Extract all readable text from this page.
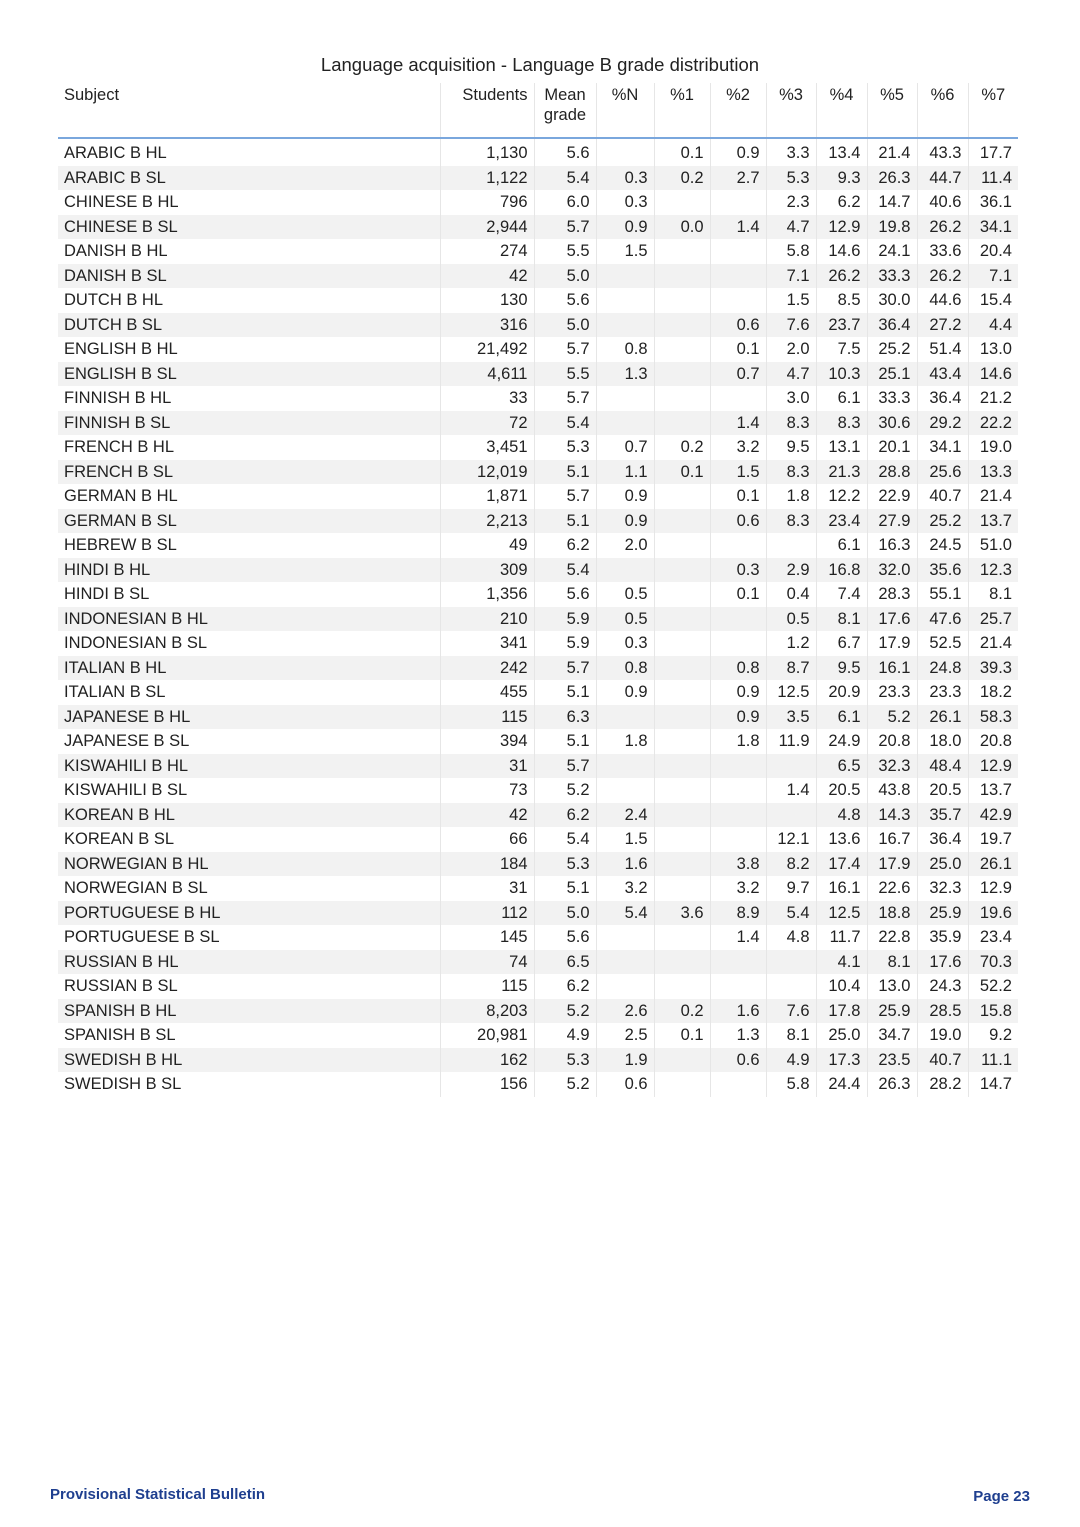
Language acquisition - Language B grade distribution
Subject	Students	Mean grade	%N	%1	%2	%3	%4	%5	%6	%7
ARABIC B HL	1,130	5.6		0.1	0.9	3.3	13.4	21.4	43.3	17.7
ARABIC B SL	1,122	5.4	0.3	0.2	2.7	5.3	9.3	26.3	44.7	11.4
CHINESE B HL	796	6.0	0.3			2.3	6.2	14.7	40.6	36.1
CHINESE B SL	2,944	5.7	0.9	0.0	1.4	4.7	12.9	19.8	26.2	34.1
DANISH B HL	274	5.5	1.5			5.8	14.6	24.1	33.6	20.4
DANISH B SL	42	5.0				7.1	26.2	33.3	26.2	7.1
DUTCH B HL	130	5.6				1.5	8.5	30.0	44.6	15.4
DUTCH B SL	316	5.0			0.6	7.6	23.7	36.4	27.2	4.4
ENGLISH B HL	21,492	5.7	0.8		0.1	2.0	7.5	25.2	51.4	13.0
ENGLISH B SL	4,611	5.5	1.3		0.7	4.7	10.3	25.1	43.4	14.6
FINNISH B HL	33	5.7				3.0	6.1	33.3	36.4	21.2
FINNISH B SL	72	5.4			1.4	8.3	8.3	30.6	29.2	22.2
FRENCH B HL	3,451	5.3	0.7	0.2	3.2	9.5	13.1	20.1	34.1	19.0
FRENCH B SL	12,019	5.1	1.1	0.1	1.5	8.3	21.3	28.8	25.6	13.3
GERMAN B HL	1,871	5.7	0.9		0.1	1.8	12.2	22.9	40.7	21.4
GERMAN B SL	2,213	5.1	0.9		0.6	8.3	23.4	27.9	25.2	13.7
HEBREW B SL	49	6.2	2.0				6.1	16.3	24.5	51.0
HINDI B HL	309	5.4			0.3	2.9	16.8	32.0	35.6	12.3
HINDI B SL	1,356	5.6	0.5		0.1	0.4	7.4	28.3	55.1	8.1
INDONESIAN B HL	210	5.9	0.5			0.5	8.1	17.6	47.6	25.7
INDONESIAN B SL	341	5.9	0.3			1.2	6.7	17.9	52.5	21.4
ITALIAN B HL	242	5.7	0.8		0.8	8.7	9.5	16.1	24.8	39.3
ITALIAN B SL	455	5.1	0.9		0.9	12.5	20.9	23.3	23.3	18.2
JAPANESE B HL	115	6.3			0.9	3.5	6.1	5.2	26.1	58.3
JAPANESE B SL	394	5.1	1.8		1.8	11.9	24.9	20.8	18.0	20.8
KISWAHILI B HL	31	5.7					6.5	32.3	48.4	12.9
KISWAHILI B SL	73	5.2				1.4	20.5	43.8	20.5	13.7
KOREAN B HL	42	6.2	2.4				4.8	14.3	35.7	42.9
KOREAN B SL	66	5.4	1.5			12.1	13.6	16.7	36.4	19.7
NORWEGIAN B HL	184	5.3	1.6		3.8	8.2	17.4	17.9	25.0	26.1
NORWEGIAN B SL	31	5.1	3.2		3.2	9.7	16.1	22.6	32.3	12.9
PORTUGUESE B HL	112	5.0	5.4	3.6	8.9	5.4	12.5	18.8	25.9	19.6
PORTUGUESE B SL	145	5.6			1.4	4.8	11.7	22.8	35.9	23.4
RUSSIAN B HL	74	6.5					4.1	8.1	17.6	70.3
RUSSIAN B SL	115	6.2					10.4	13.0	24.3	52.2
SPANISH B HL	8,203	5.2	2.6	0.2	1.6	7.6	17.8	25.9	28.5	15.8
SPANISH B SL	20,981	4.9	2.5	0.1	1.3	8.1	25.0	34.7	19.0	9.2
SWEDISH B HL	162	5.3	1.9		0.6	4.9	17.3	23.5	40.7	11.1
SWEDISH B SL	156	5.2	0.6			5.8	24.4	26.3	28.2	14.7
Provisional Statistical Bulletin	Page 23
